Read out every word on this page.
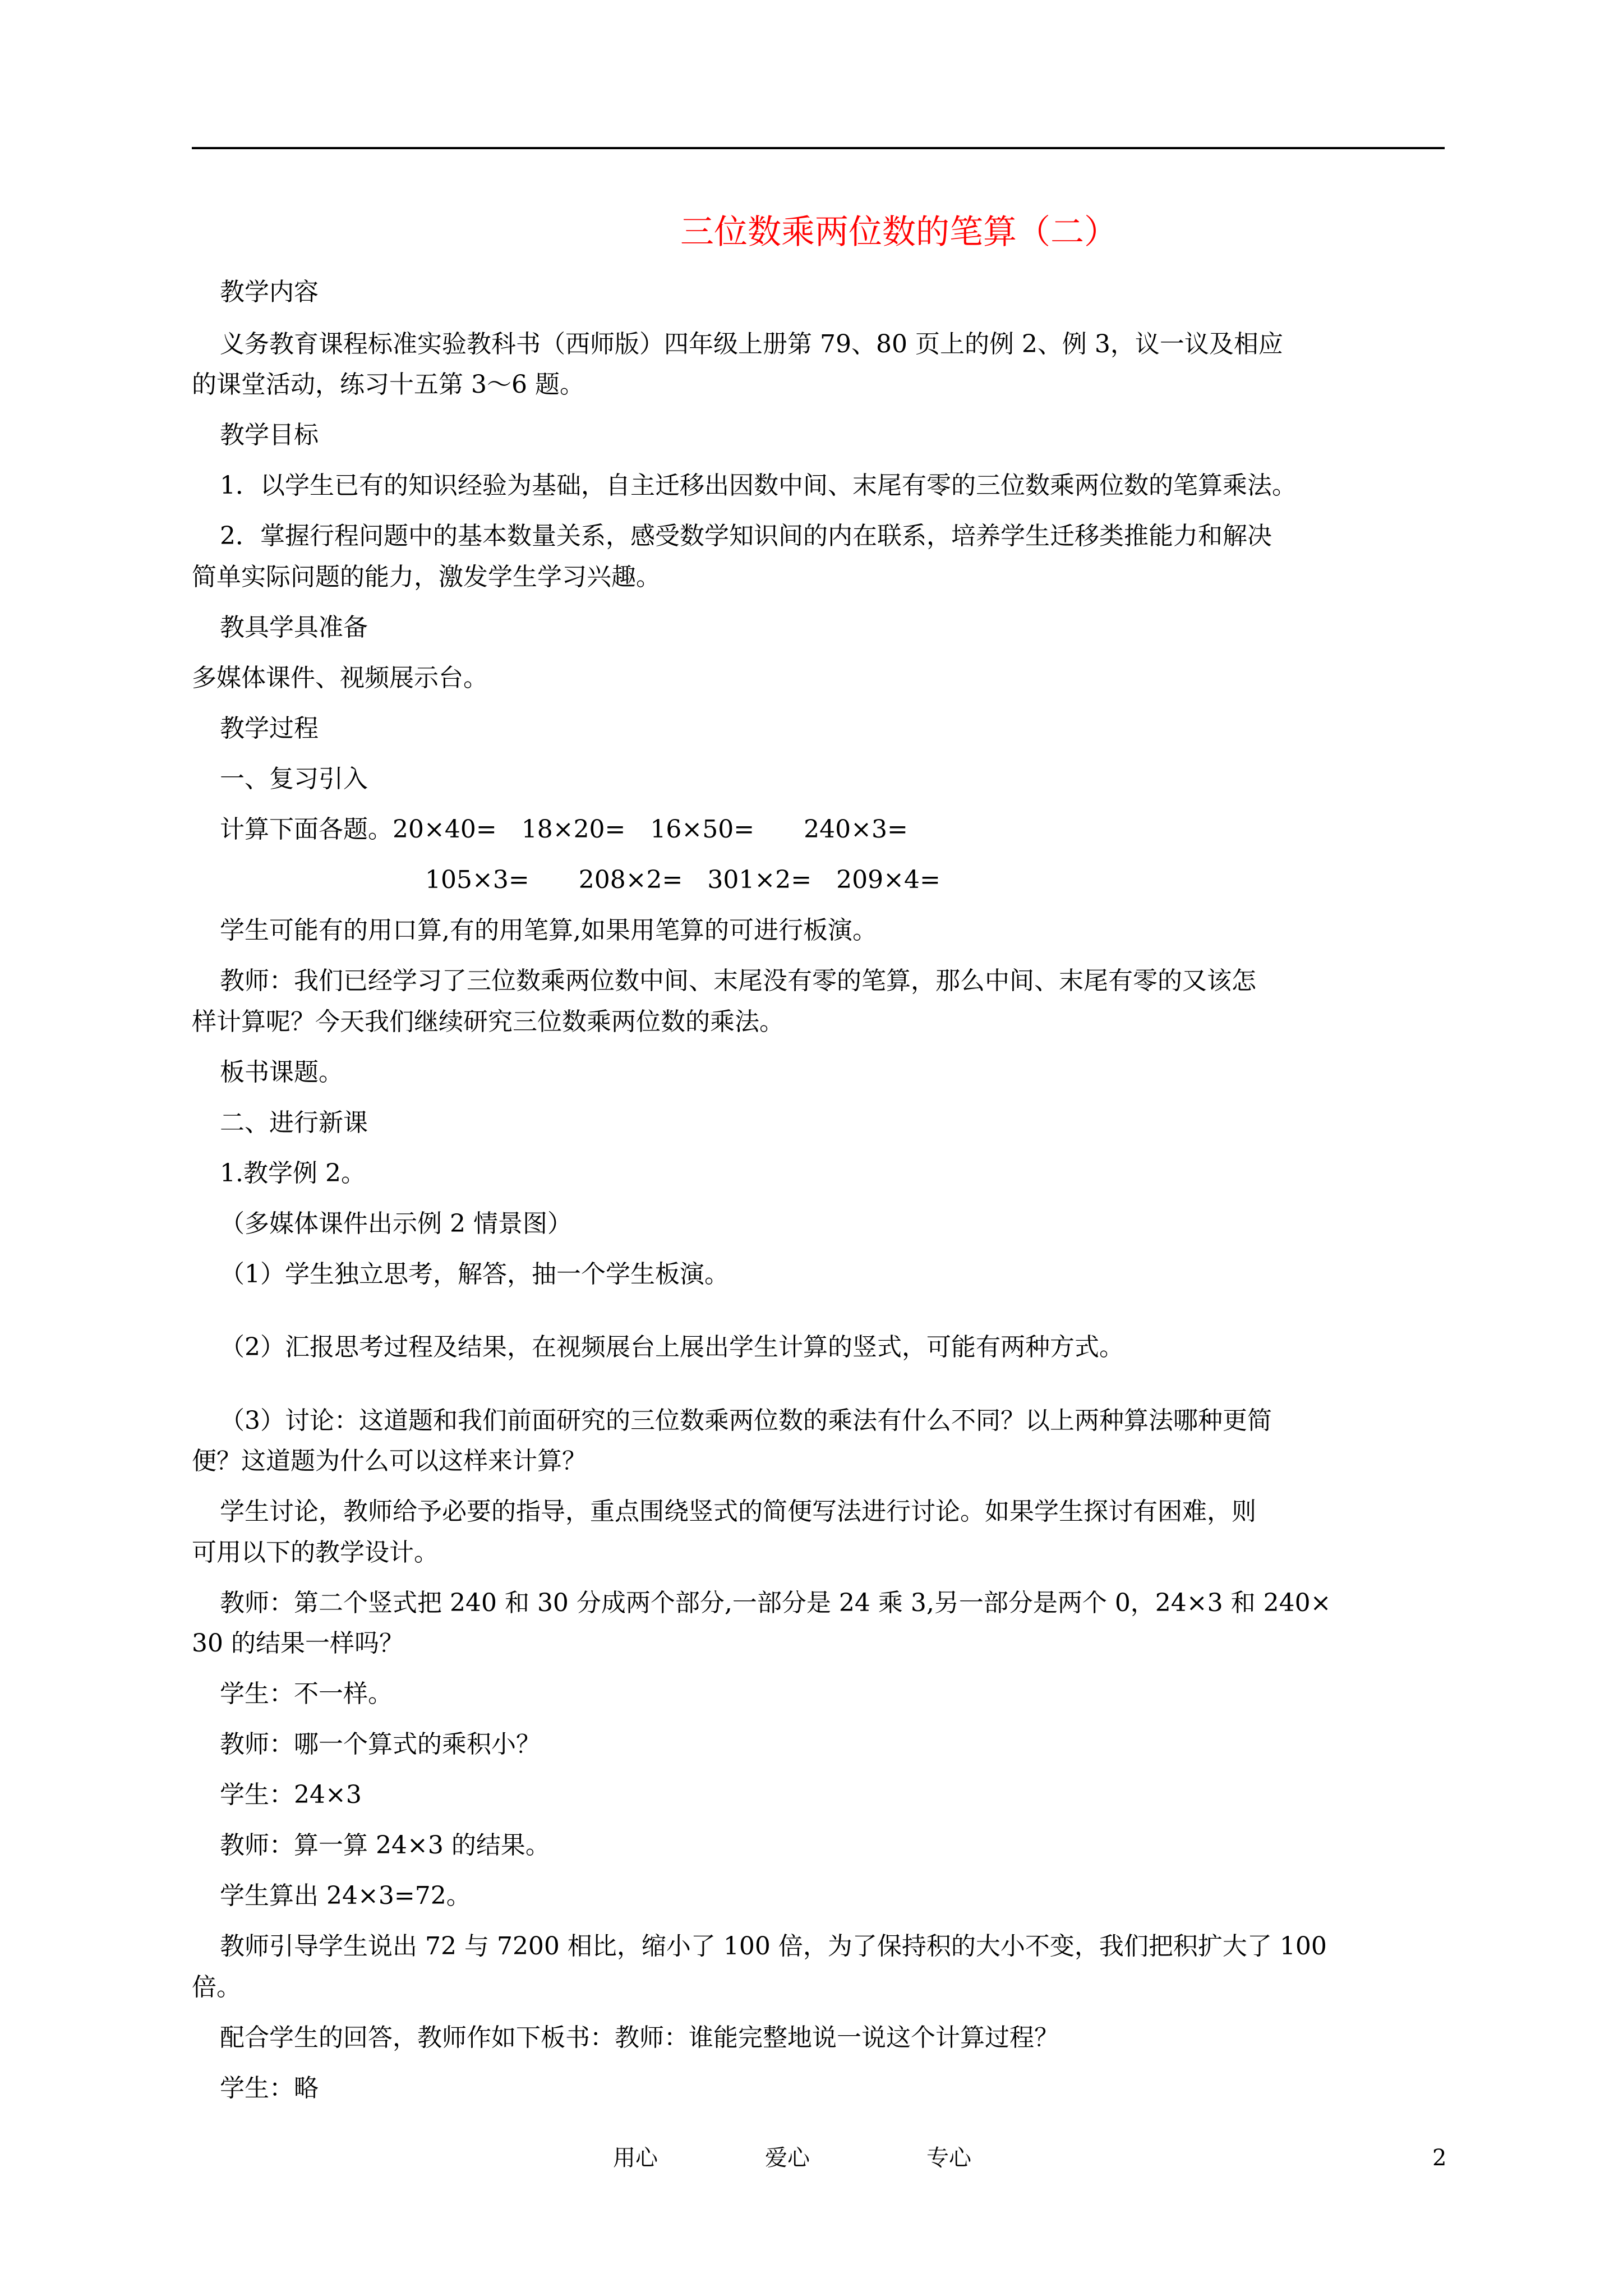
三位数乘两位数的笔算（二）
教学内容
义务教育课程标准实验教科书（西师版）四年级上册第 79、80 页上的例 2、例 3，议一议及相应
的课堂活动，练习十五第 3～6 题。
教学目标
1．以学生已有的知识经验为基础，自主迁移出因数中间、末尾有零的三位数乘两位数的笔算乘法。
2．掌握行程问题中的基本数量关系，感受数学知识间的内在联系，培养学生迁移类推能力和解决
简单实际问题的能力，激发学生学习兴趣。
教具学具准备
多媒体课件、视频展示台。
教学过程
一、复习引入
计算下面各题。20×40=　18×20=　16×50=　　240×3=
105×3=　　208×2=　301×2=　209×4=
学生可能有的用口算,有的用笔算,如果用笔算的可进行板演。
教师：我们已经学习了三位数乘两位数中间、末尾没有零的笔算，那么中间、末尾有零的又该怎
样计算呢？今天我们继续研究三位数乘两位数的乘法。
板书课题。
二、进行新课
1.教学例 2。
（多媒体课件出示例 2 情景图）
（1）学生独立思考，解答，抽一个学生板演。
（2）汇报思考过程及结果，在视频展台上展出学生计算的竖式，可能有两种方式。
（3）讨论：这道题和我们前面研究的三位数乘两位数的乘法有什么不同？以上两种算法哪种更简
便？这道题为什么可以这样来计算？
学生讨论，教师给予必要的指导，重点围绕竖式的简便写法进行讨论。如果学生探讨有困难，则
可用以下的教学设计。
教师：第二个竖式把 240 和 30 分成两个部分,一部分是 24 乘 3,另一部分是两个 0，24×3 和 240×
30 的结果一样吗？
学生：不一样。
教师：哪一个算式的乘积小？
学生：24×3
教师：算一算 24×3 的结果。
学生算出 24×3=72。
教师引导学生说出 72 与 7200 相比，缩小了 100 倍，为了保持积的大小不变，我们把积扩大了 100
倍。
配合学生的回答，教师作如下板书：教师：谁能完整地说一说这个计算过程？
学生：略
用心	爱心	专心	2
